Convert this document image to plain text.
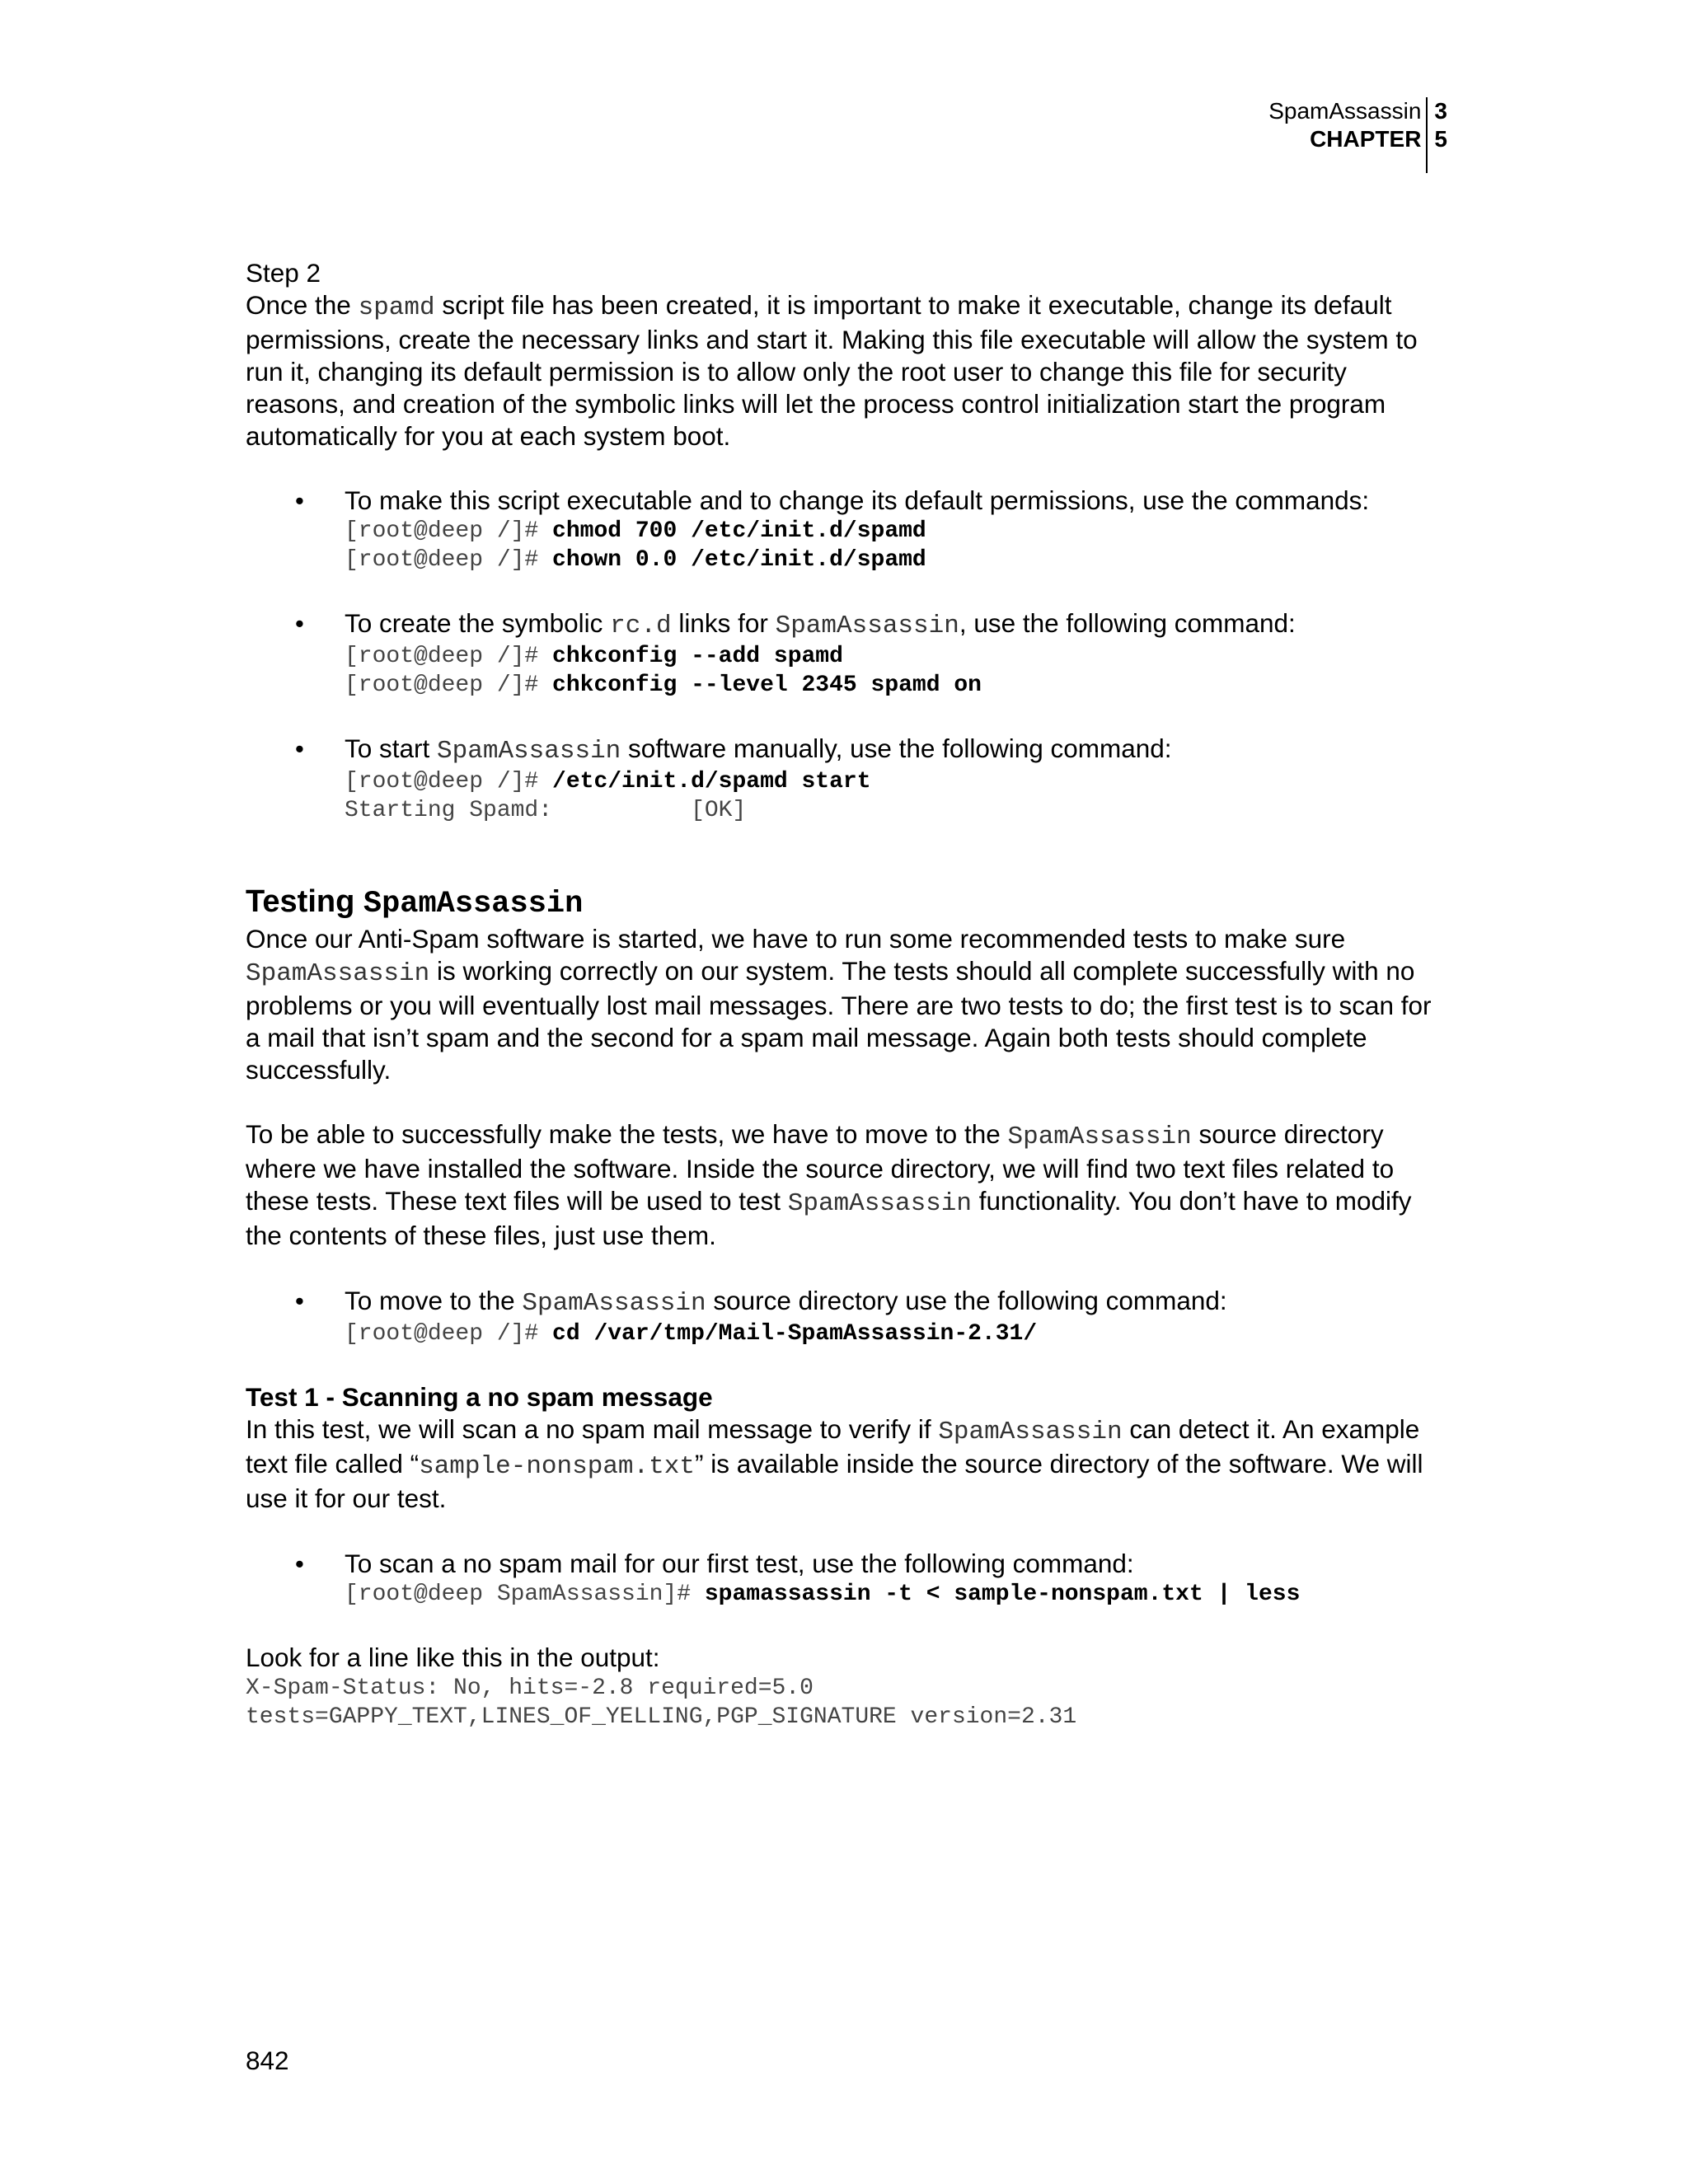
SpamAssassin
CHAPTER
3
5

Step 2

Once the spamd script file has been created, it is important to make it executable, change its default permissions, create the necessary links and start it. Making this file executable will allow the system to run it, changing its default permission is to allow only the root user to change this file for security reasons, and creation of the symbolic links will let the process control initialization start the program automatically for you at each system boot.

• To make this script executable and to change its default permissions, use the commands:

[root@deep /]# chmod 700 /etc/init.d/spamd
[root@deep /]# chown 0.0 /etc/init.d/spamd
• To create the symbolic rc.d links for SpamAssassin, use the following command:

[root@deep /]# chkconfig --add spamd
[root@deep /]# chkconfig --level 2345 spamd on
• To start SpamAssassin software manually, use the following command:

[root@deep /]# /etc/init.d/spamd start
Starting Spamd:          [OK]

Testing SpamAssassin

Once our Anti-Spam software is started, we have to run some recommended tests to make sure SpamAssassin is working correctly on our system. The tests should all complete successfully with no problems or you will eventually lost mail messages. There are two tests to do; the first test is to scan for a mail that isn’t spam and the second for a spam mail message. Again both tests should complete successfully.

To be able to successfully make the tests, we have to move to the SpamAssassin source directory where we have installed the software. Inside the source directory, we will find two text files related to these tests. These text files will be used to test SpamAssassin functionality. You don’t have to modify the contents of these files, just use them.

• To move to the SpamAssassin source directory use the following command:

[root@deep /]# cd /var/tmp/Mail-SpamAssassin-2.31/

Test 1 - Scanning a no spam message

In this test, we will scan a no spam mail message to verify if SpamAssassin can detect it. An example text file called “sample-nonspam.txt” is available inside the source directory of the software. We will use it for our test.

• To scan a no spam mail for our first test, use the following command:

[root@deep SpamAssassin]# spamassassin -t < sample-nonspam.txt | less

Look for a line like this in the output:

X-Spam-Status: No, hits=-2.8 required=5.0
tests=GAPPY_TEXT,LINES_OF_YELLING,PGP_SIGNATURE version=2.31
842
